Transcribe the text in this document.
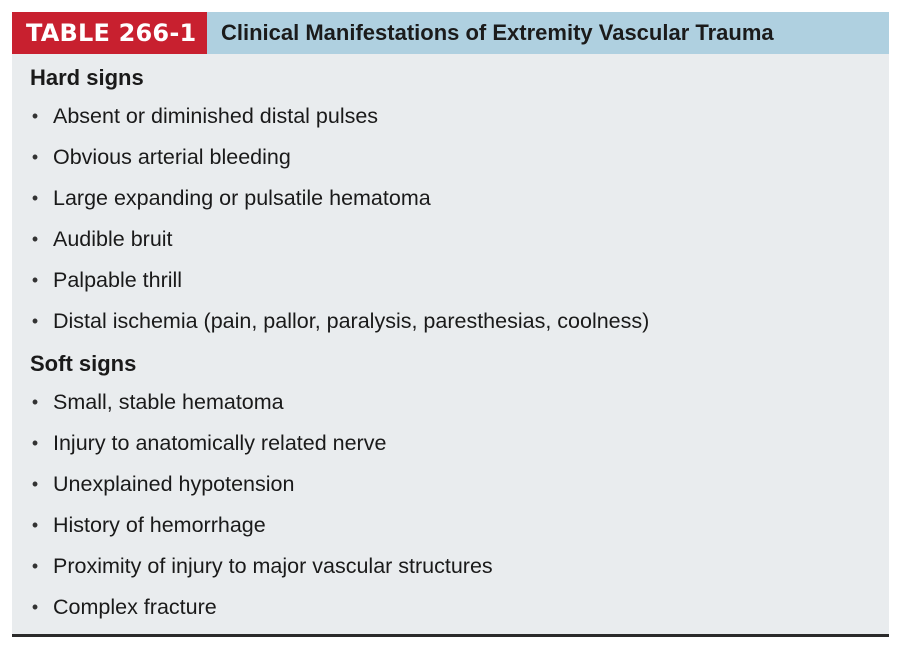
TABLE 266-1	Clinical Manifestations of Extremity Vascular Trauma
Hard signs
• Absent or diminished distal pulses
• Obvious arterial bleeding
• Large expanding or pulsatile hematoma
• Audible bruit
• Palpable thrill
• Distal ischemia (pain, pallor, paralysis, paresthesias, coolness)
Soft signs
• Small, stable hematoma
• Injury to anatomically related nerve
• Unexplained hypotension
• History of hemorrhage
• Proximity of injury to major vascular structures
• Complex fracture
